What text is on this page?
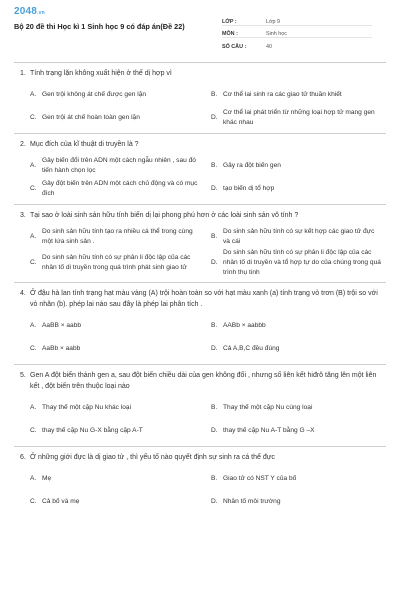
2048.vn
Bộ 20 đề thi Học kì 1 Sinh học 9 có đáp án(Đề 22)	LỚP :	Lớp 9
MÔN :	Sinh học
SỐ CÂU :	40
1. Tính trạng lặn không xuất hiện ở thế dị hợp vì
A. Gen trội không át chế được gen lặn	B. Cơ thể lai sinh ra các giao tử thuần khiết
C. Gen trội át chế hoàn toàn gen lặn	D.
Cơ thể lai phát triển từ những loại hợp tử mang gen khác nhau
2. Mục đích của kĩ thuật di truyền là ?
A.
Gây biến đổi trên ADN một cách ngẫu nhiên , sau đó tiến hành chọn lọc
B. Gây ra đột biến gen
C.
Gây đột biến trên ADN một cách chủ động và có mục đích
D. tạo biến dị tổ hợp
3. Tại sao ở loài sinh sản hữu tính biến dị lại phong phú hơn ở các loài sinh sản vô tính ?
A.
Do sinh sản hữu tính tạo ra nhiều cá thể trong cùng một lứa sinh sản .
B.
Do sinh sản hữu tính có sự kết hợp các giao tử đực và cái
C.
Do sinh sản hữu tính có sự phân li độc lập của các nhân tố di truyền trong quá trình phát sinh giao tử
D.
Do sinh sản hữu tính có sự phân li độc lập của các nhân tố di truyền và tổ hợp tự do của chúng trong quá trình thụ tinh
4. Ở đậu hà lan tính trạng hạt màu vàng (A) trội hoàn toàn so với hạt màu xanh (a) tính trạng vỏ trơn (B) trội so với vỏ nhăn (b). phép lai nào sau đây là phép lai phân tích .
A. AaBB × aabb	B. AABb × aabbb
C. AaBb × aabb	D. Cả A,B,C đều đúng
5. Gen A đột biến thành gen a, sau đột biến chiều dài của gen không đổi , nhưng số liên kết hiđrô tăng lên một liên kết , đột biến trên thuộc loại nào
A. Thay thế một cặp Nu khác loại	B. Thay thế một cặp Nu cùng loại
C. thay thế cặp Nu G-X bằng cặp A-T	D. thay thế cặp Nu A-T bằng G –X
6. Ở những giới đực là dị giao tử , thì yếu tố nào quyết định sự sinh ra cá thể đực
A. Mẹ	B. Giao tử có NST Y của bố
C. Cả bố và mẹ	D. Nhân tố môi trường
